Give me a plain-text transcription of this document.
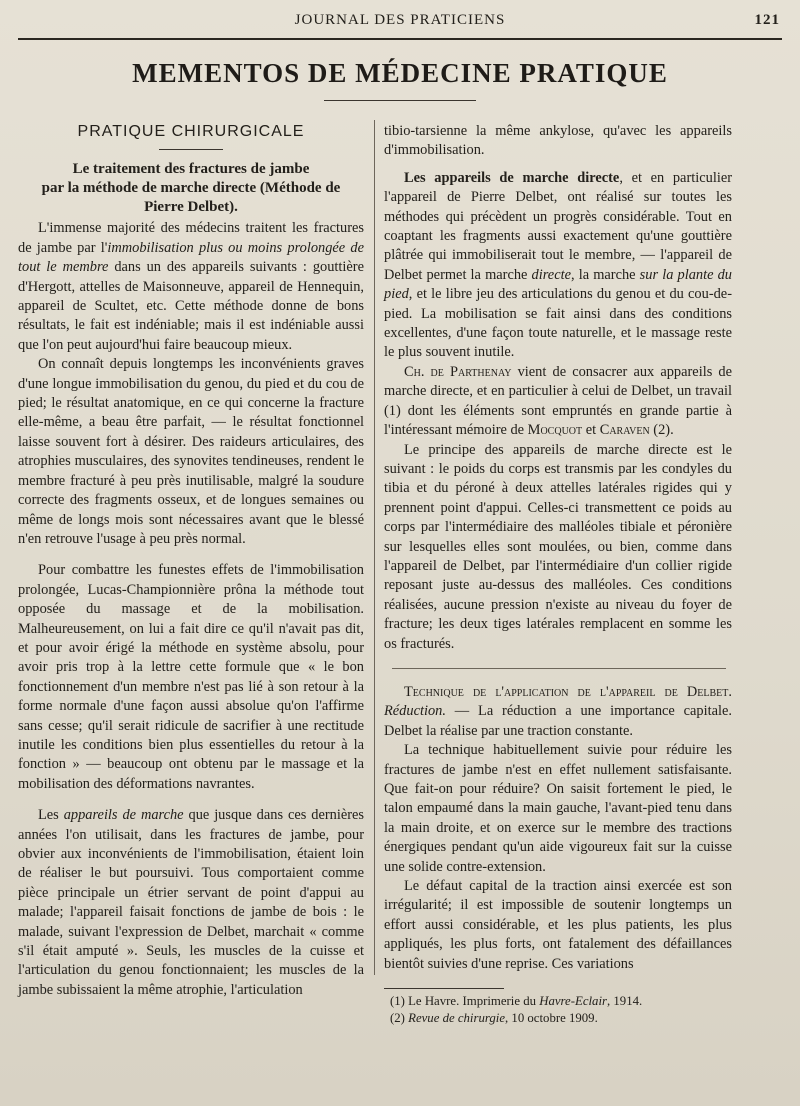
JOURNAL DES PRATICIENS	121
MEMENTOS DE MÉDECINE PRATIQUE
PRATIQUE CHIRURGICALE
Le traitement des fractures de jambe
par la méthode de marche directe (Méthode de
Pierre Delbet).

L'immense majorité des médecins traitent les fractures de jambe par l'immobilisation plus ou moins prolongée de tout le membre dans un des appareils suivants : gouttière d'Hergott, attelles de Maisonneuve, appareil de Hennequin, appareil de Scultet, etc. Cette méthode donne de bons résultats, le fait est indéniable; mais il est indéniable aussi que l'on peut aujourd'hui faire beaucoup mieux.

On connaît depuis longtemps les inconvénients graves d'une longue immobilisation du genou, du pied et du cou de pied; le résultat anatomique, en ce qui concerne la fracture elle-même, a beau être parfait, — le résultat fonctionnel laisse souvent fort à désirer. Des raideurs articulaires, des atrophies musculaires, des synovites tendineuses, rendent le membre fracturé à peu près inutilisable, malgré la soudure correcte des fragments osseux, et de longues semaines ou même de longs mois sont nécessaires avant que le blessé n'en retrouve l'usage à peu près normal.

Pour combattre les funestes effets de l'immobilisation prolongée, Lucas-Championnière prôna la méthode tout opposée du massage et de la mobilisation. Malheureusement, on lui a fait dire ce qu'il n'avait pas dit, et pour avoir érigé la méthode en système absolu, pour avoir pris trop à la lettre cette formule que « le bon fonctionnement d'un membre n'est pas lié à son retour à la forme normale d'une façon aussi absolue qu'on l'affirme sans cesse; qu'il serait ridicule de sacrifier à une rectitude inutile les conditions bien plus essentielles du retour à la fonction » — beaucoup ont obtenu par le massage et la mobilisation des déformations navrantes.

Les appareils de marche que jusque dans ces dernières années l'on utilisait, dans les fractures de jambe, pour obvier aux inconvénients de l'immobilisation, étaient loin de réaliser le but poursuivi. Tous comportaient comme pièce principale un étrier servant de point d'appui au malade; l'appareil faisait fonctions de jambe de bois : le malade, suivant l'expression de Delbet, marchait « comme s'il était amputé ». Seuls, les muscles de la cuisse et l'articulation du genou fonctionnaient; les muscles de la jambe subissaient la même atrophie, l'articulation

tibio-tarsienne la même ankylose, qu'avec les appareils d'immobilisation.

Les appareils de marche directe, et en particulier l'appareil de Pierre Delbet, ont réalisé sur toutes les méthodes qui précèdent un progrès considérable. Tout en coaptant les fragments aussi exactement qu'une gouttière plâtrée qui immobiliserait tout le membre, — l'appareil de Delbet permet la marche directe, la marche sur la plante du pied, et le libre jeu des articulations du genou et du cou-de-pied. La mobilisation se fait ainsi dans des conditions excellentes, d'une façon toute naturelle, et le massage reste le plus souvent inutile.

Ch. de Parthenay vient de consacrer aux appareils de marche directe, et en particulier à celui de Delbet, un travail (1) dont les éléments sont empruntés en grande partie à l'intéressant mémoire de Mocquot et Caraven (2).

Le principe des appareils de marche directe est le suivant : le poids du corps est transmis par les condyles du tibia et du péroné à deux attelles latérales rigides qui y prennent point d'appui. Celles-ci transmettent ce poids au corps par l'intermédiaire des malléoles tibiale et péronière sur lesquelles elles sont moulées, ou bien, comme dans l'appareil de Delbet, par l'intermédiaire d'un collier rigide reposant juste au-dessus des malléoles. Ces conditions réalisées, aucune pression n'existe au niveau du foyer de fracture; les deux tiges latérales remplacent en somme les os fracturés.

Technique de l'application de l'appareil de Delbet. Réduction. — La réduction a une importance capitale. Delbet la réalise par une traction constante.

La technique habituellement suivie pour réduire les fractures de jambe n'est en effet nullement satisfaisante. Que fait-on pour réduire? On saisit fortement le pied, le talon empaumé dans la main gauche, l'avant-pied tenu dans la main droite, et on exerce sur le membre des tractions énergiques pendant qu'un aide vigoureux fait sur la cuisse une solide contre-extension.

Le défaut capital de la traction ainsi exercée est son irrégularité; il est impossible de soutenir longtemps un effort aussi considérable, et les plus patients, les plus appliqués, les plus forts, ont fatalement des défaillances bientôt suivies d'une reprise. Ces variations

(1) Le Havre. Imprimerie du Havre-Eclair, 1914.

(2) Revue de chirurgie, 10 octobre 1909.
